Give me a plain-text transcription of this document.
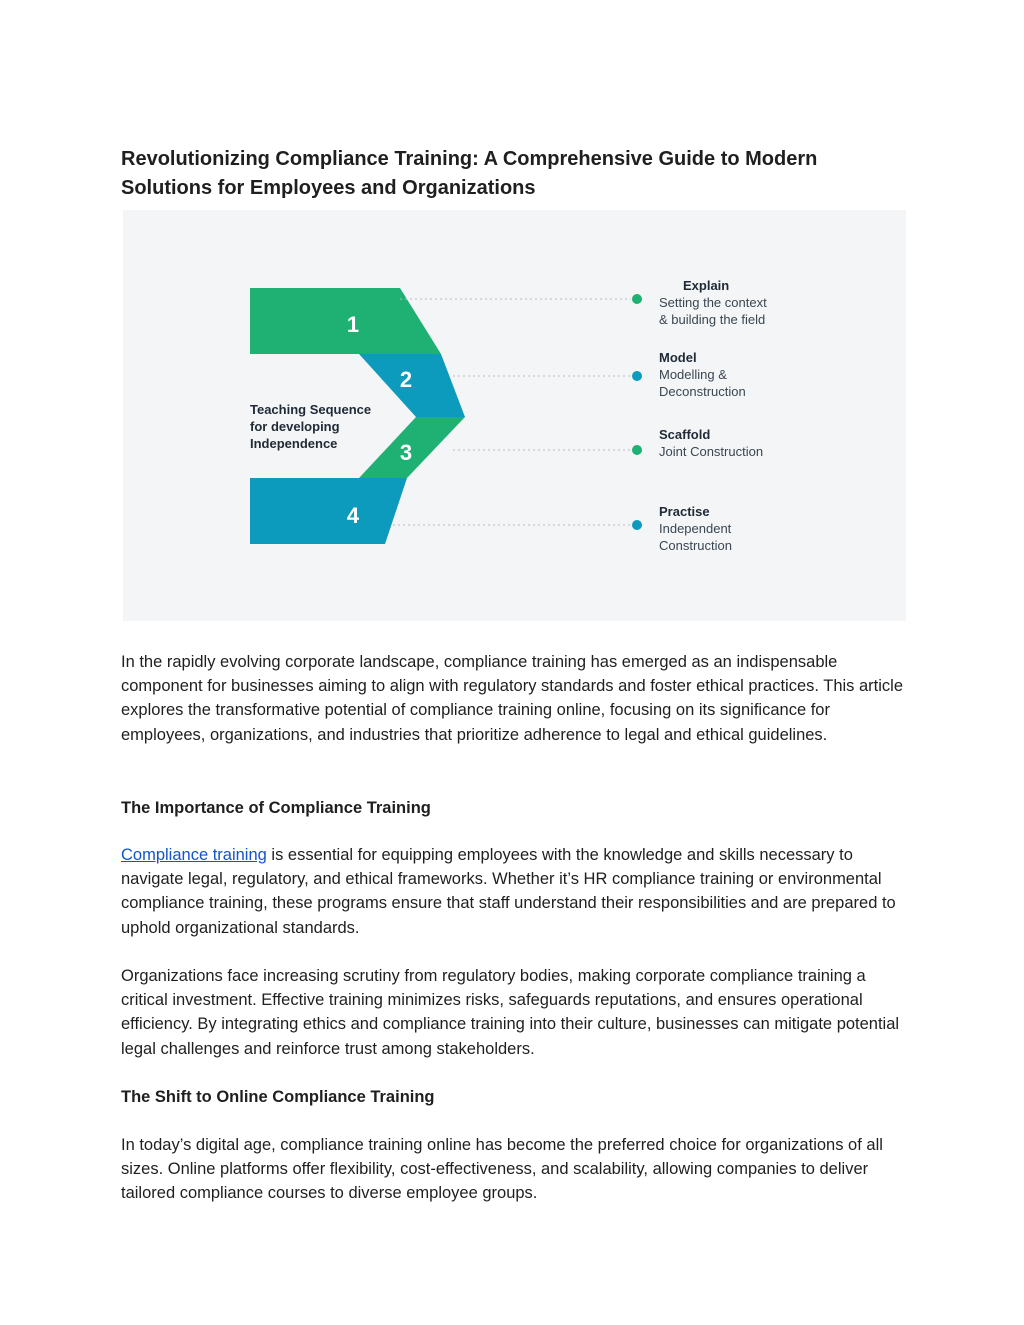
Revolutionizing Compliance Training: A Comprehensive Guide to Modern Solutions for Employees and Organizations
1
2
3
4
Teaching Sequence
for developing
Independence
Explain
Setting the context
& building the field
Model
Modelling &
Deconstruction
Scaffold
Joint Construction
Practise
Independent
Construction

In the rapidly evolving corporate landscape, compliance training has emerged as an indispensable component for businesses aiming to align with regulatory standards and foster ethical practices. This article explores the transformative potential of compliance training online, focusing on its significance for employees, organizations, and industries that prioritize adherence to legal and ethical guidelines.

The Importance of Compliance Training

Compliance training is essential for equipping employees with the knowledge and skills necessary to navigate legal, regulatory, and ethical frameworks. Whether it’s HR compliance training or environmental compliance training, these programs ensure that staff understand their responsibilities and are prepared to uphold organizational standards.

Organizations face increasing scrutiny from regulatory bodies, making corporate compliance training a critical investment. Effective training minimizes risks, safeguards reputations, and ensures operational efficiency. By integrating ethics and compliance training into their culture, businesses can mitigate potential legal challenges and reinforce trust among stakeholders.

The Shift to Online Compliance Training

In today’s digital age, compliance training online has become the preferred choice for organizations of all sizes. Online platforms offer flexibility, cost-effectiveness, and scalability, allowing companies to deliver tailored compliance courses to diverse employee groups.
